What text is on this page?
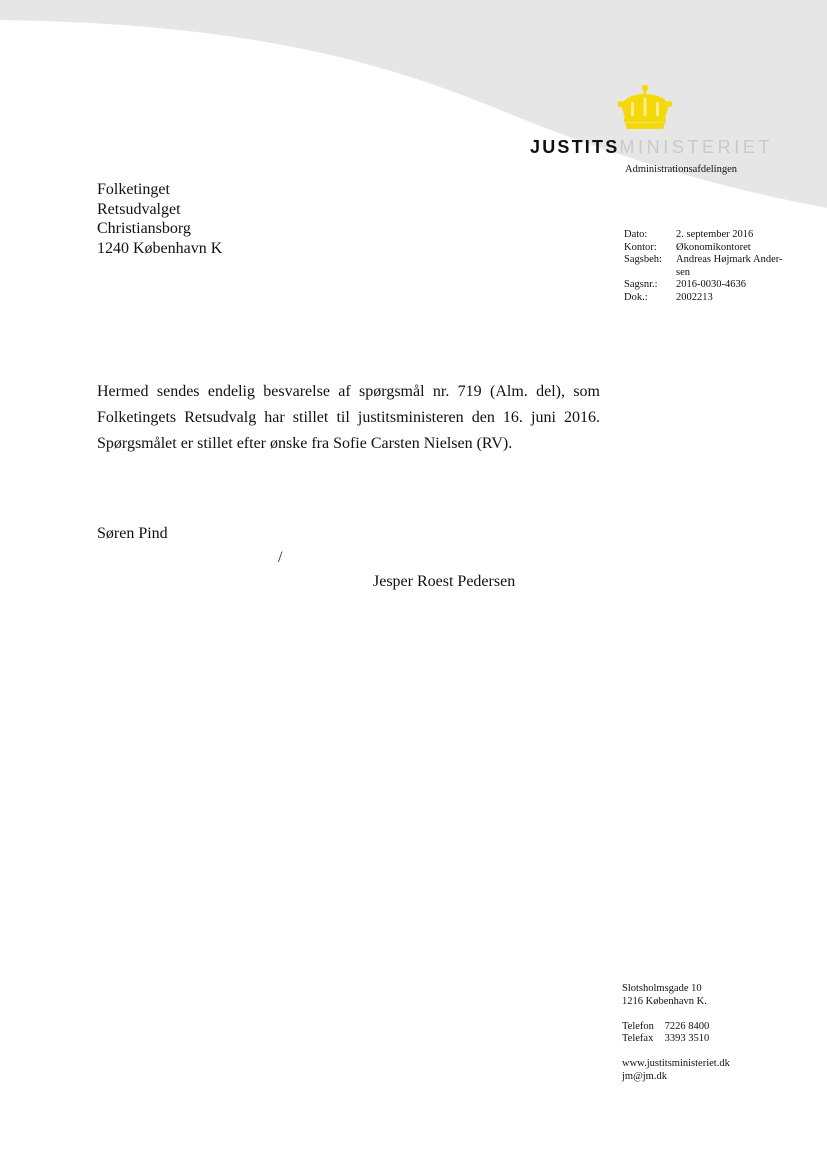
JUSTITSMINISTERIET
Administrationsafdelingen
Folketinget
Retsudvalget
Christiansborg
1240 København K
Dato:	2. september 2016
Kontor:	Økonomikontoret
Sagsbeh:	Andreas Højmark Ander-sen
Sagsnr.:	2016-0030-4636
Dok.:	2002213

Hermed sendes endelig besvarelse af spørgsmål nr. 719 (Alm. del), som Folketingets Retsudvalg har stillet til justitsministeren den 16. juni 2016. Spørgsmålet er stillet efter ønske fra Sofie Carsten Nielsen (RV).

Søren Pind
/
Jesper Roest Pedersen
Slotsholmsgade 10
1216 København K.
Telefon 7226 8400
Telefax 3393 3510
www.justitsministeriet.dk
jm@jm.dk
